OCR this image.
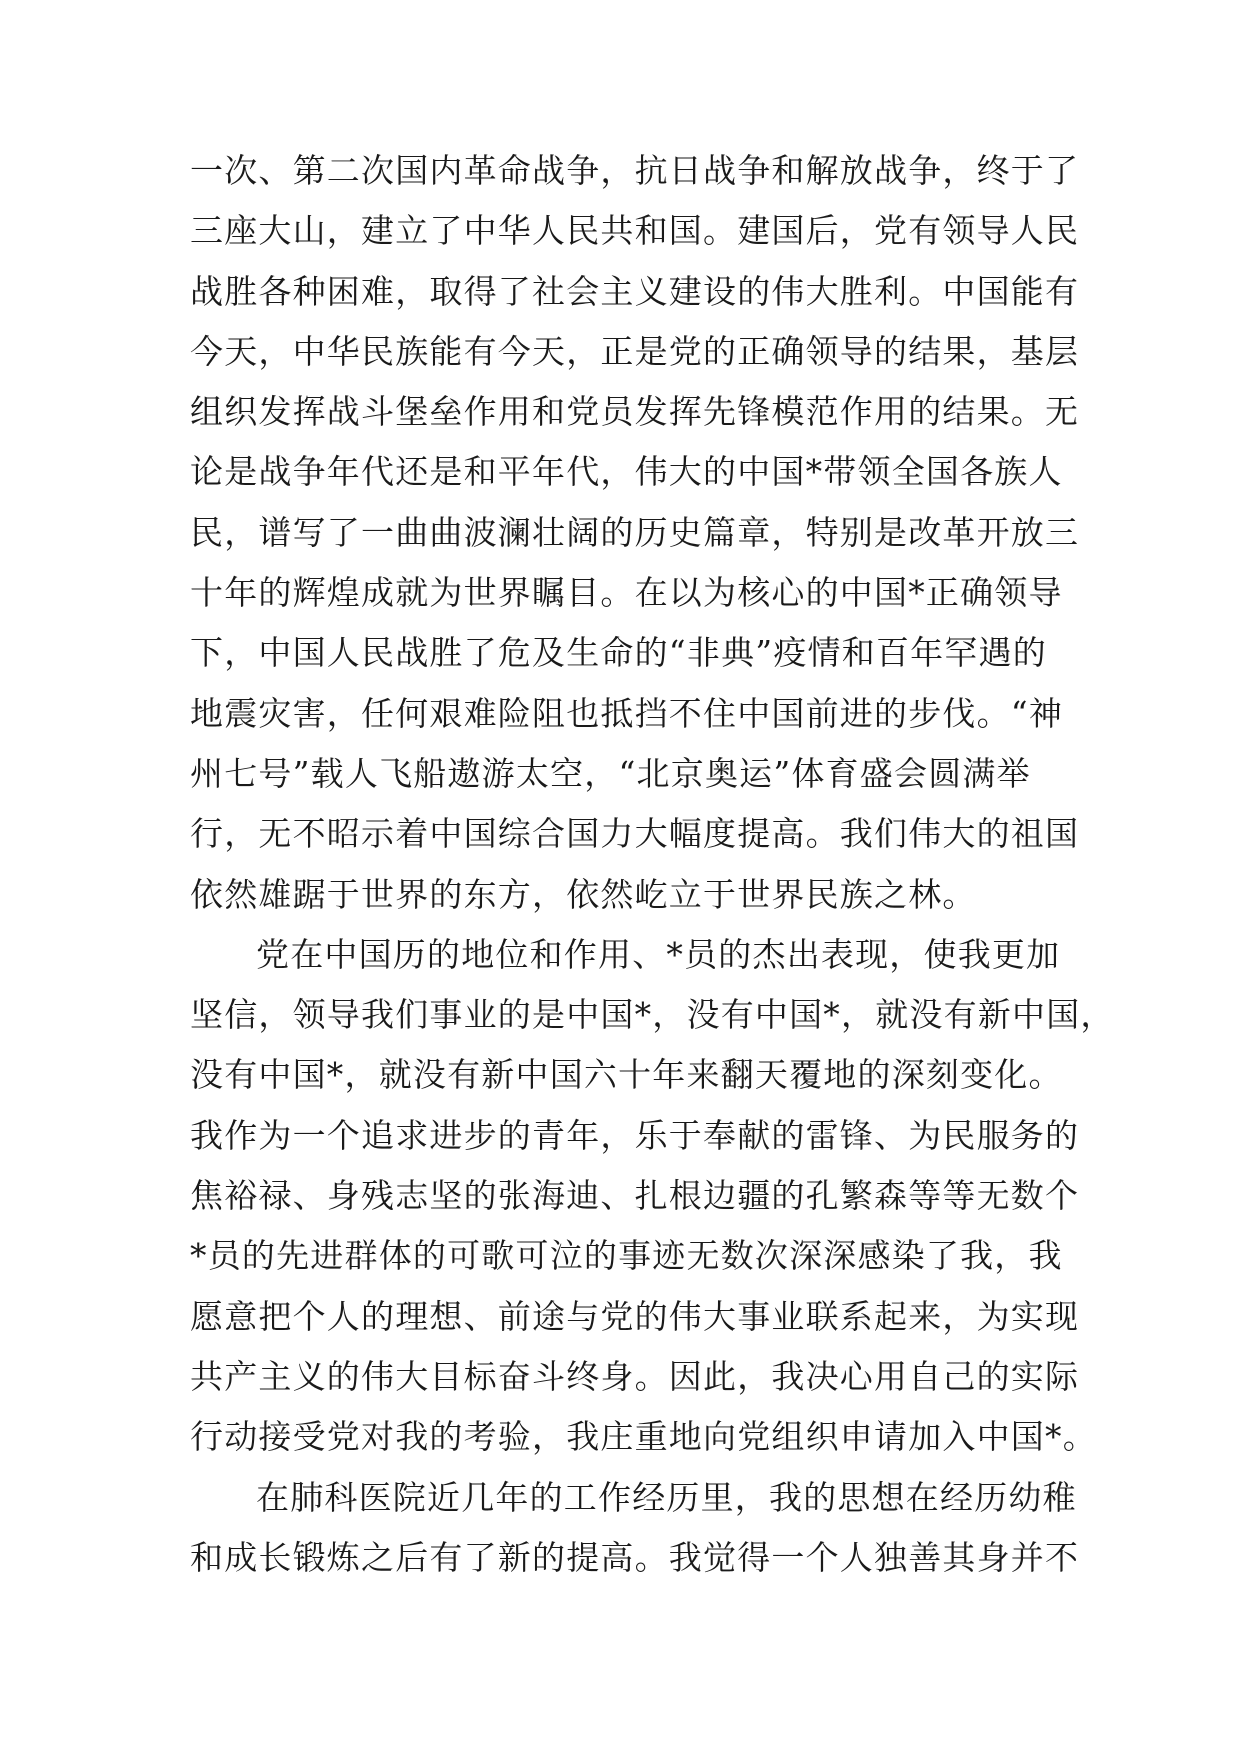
一次、第二次国内革命战争，抗日战争和解放战争，终于了
三座大山，建立了中华人民共和国。建国后，党有领导人民
战胜各种困难，取得了社会主义建设的伟大胜利。中国能有
今天，中华民族能有今天，正是党的正确领导的结果，基层
组织发挥战斗堡垒作用和党员发挥先锋模范作用的结果。无
论是战争年代还是和平年代，伟大的中国*带领全国各族人
民，谱写了一曲曲波澜壮阔的历史篇章，特别是改革开放三
十年的辉煌成就为世界瞩目。在以为核心的中国*正确领导
下，中国人民战胜了危及生命的“非典”疫情和百年罕遇的
地震灾害，任何艰难险阻也抵挡不住中国前进的步伐。“神
州七号”载人飞船遨游太空，“北京奥运”体育盛会圆满举
行，无不昭示着中国综合国力大幅度提高。我们伟大的祖国
依然雄踞于世界的东方，依然屹立于世界民族之林。
党在中国历的地位和作用、*员的杰出表现，使我更加
坚信，领导我们事业的是中国*，没有中国*，就没有新中国，
没有中国*，就没有新中国六十年来翻天覆地的深刻变化。
我作为一个追求进步的青年，乐于奉献的雷锋、为民服务的
焦裕禄、身残志坚的张海迪、扎根边疆的孔繁森等等无数个
*员的先进群体的可歌可泣的事迹无数次深深感染了我，我
愿意把个人的理想、前途与党的伟大事业联系起来，为实现
共产主义的伟大目标奋斗终身。因此，我决心用自己的实际
行动接受党对我的考验，我庄重地向党组织申请加入中国*。
在肺科医院近几年的工作经历里，我的思想在经历幼稚
和成长锻炼之后有了新的提高。我觉得一个人独善其身并不
